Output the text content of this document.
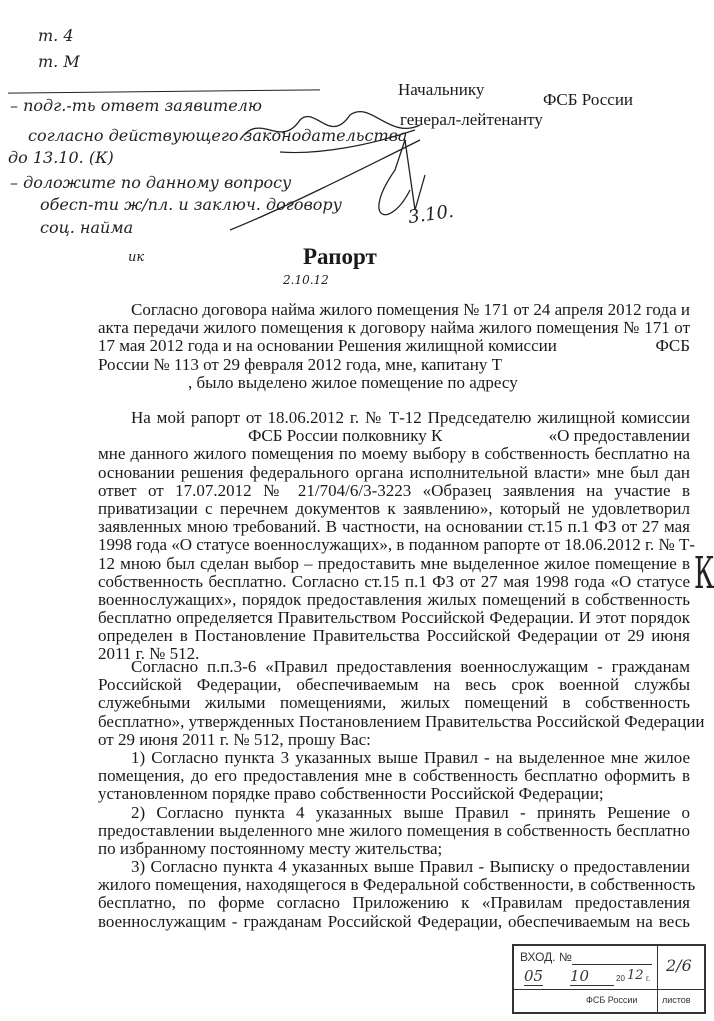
т. 4
т. М
– подг.-ть ответ заявителю
согласно действующего законодательства
до 13.10. (К)
– доложите по данному вопросу
обесп-ти ж/пл. и заключ. договору
соц. найма	3.10.
ик
2.10.12
К
Начальнику
ФСБ России
генерал-лейтенанту
Рапорт
Согласно договора найма жилого помещения № 171 от 24 апреля 2012 года и
акта передачи жилого помещения к договору найма жилого помещения № 171 от
17 мая 2012 года и на основании Решения жилищной комиссии	ФСБ
России № 113 от 29 февраля 2012 года, мне, капитану Т
, было выделено жилое помещение по адресу
На мой рапорт от 18.06.2012 г. № Т-12 Председателю жилищной комиссии
ФСБ России полковнику К	«О предоставлении
мне данного жилого помещения по моему выбору в собственность бесплатно на
основании решения федерального органа исполнительной власти» мне был дан
ответ от 17.07.2012 № 21/704/6/3-3223 «Образец заявления на участие в
приватизации с перечнем документов к заявлению», который не удовлетворил
заявленных мною требований. В частности, на основании ст.15 п.1 ФЗ от 27 мая
1998 года «О статусе военнослужащих», в поданном рапорте от 18.06.2012 г. № Т-
12 мною был сделан выбор – предоставить мне выделенное жилое помещение в
собственность бесплатно. Согласно ст.15 п.1 ФЗ от 27 мая 1998 года «О статусе
военнослужащих», порядок предоставления жилых помещений в собственность
бесплатно определяется Правительством Российской Федерации. И этот порядок
определен в Постановление Правительства Российской Федерации от 29 июня
2011 г. № 512.
Согласно п.п.3-6 «Правил предоставления военнослужащим - гражданам
Российской Федерации, обеспечиваемым на весь срок военной службы
служебными жилыми помещениями, жилых помещений в собственность
бесплатно», утвержденных Постановлением Правительства Российской Федерации
от 29 июня 2011 г. № 512, прошу Вас:
1) Согласно пункта 3 указанных выше Правил - на выделенное мне жилое
помещения, до его предоставления мне в собственность бесплатно оформить в
установленном порядке право собственности Российской Федерации;
2) Согласно пункта 4 указанных выше Правил - принять Решение о
предоставлении выделенного мне жилого помещения в собственность бесплатно
по избранному постоянному месту жительства;
3) Согласно пункта 4 указанных выше Правил - Выписку о предоставлении
жилого помещения, находящегося в Федеральной собственности, в собственность
бесплатно, по форме согласно Приложению к «Правилам предоставления
военнослужащим - гражданам Российской Федерации, обеспечиваемым на весь
ВХОД. №
05 10	20 12 г.
2/6
ФСБ России	листов
